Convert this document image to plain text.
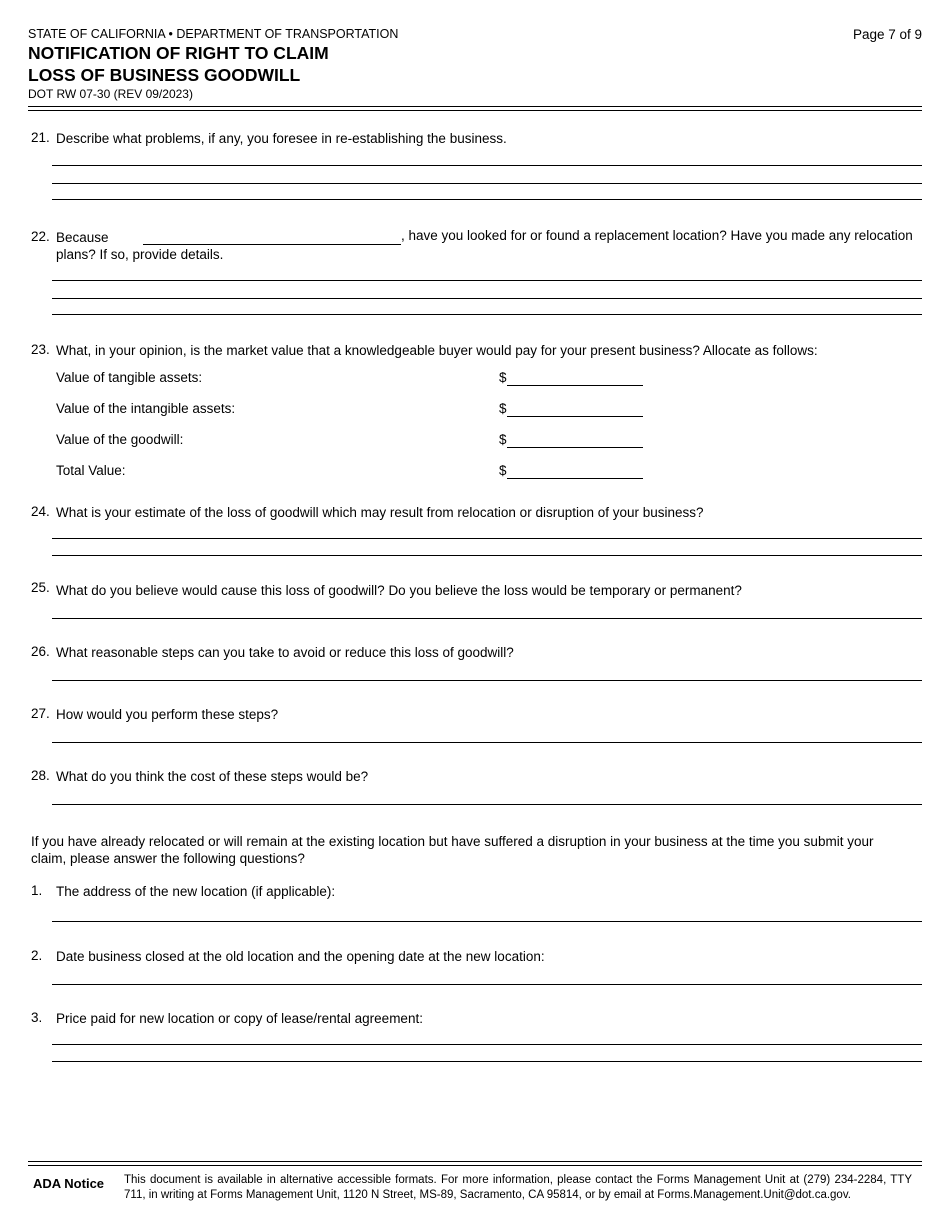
STATE OF CALIFORNIA • DEPARTMENT OF TRANSPORTATION
NOTIFICATION OF RIGHT TO CLAIM
LOSS OF BUSINESS GOODWILL
DOT RW 07-30 (REV 09/2023)
Page 7 of 9
21. Describe what problems, if any, you foresee in re-establishing the business.
22. Because	, have you looked for or found a replacement location? Have you made any relocation
plans? If so, provide details.
23. What, in your opinion, is the market value that a knowledgeable buyer would pay for your present business? Allocate as follows:
Value of tangible assets:	$
Value of the intangible assets:	$
Value of the goodwill:	$
Total Value:	$
24. What is your estimate of the loss of goodwill which may result from relocation or disruption of your business?
25. What do you believe would cause this loss of goodwill? Do you believe the loss would be temporary or permanent?
26. What reasonable steps can you take to avoid or reduce this loss of goodwill?
27. How would you perform these steps?
28. What do you think the cost of these steps would be?
If you have already relocated or will remain at the existing location but have suffered a disruption in your business at the time you submit your
claim, please answer the following questions?
1. The address of the new location (if applicable):
2. Date business closed at the old location and the opening date at the new location:
3. Price paid for new location or copy of lease/rental agreement:
ADA Notice This document is available in alternative accessible formats. For more information, please contact the Forms Management Unit at (279) 234-2284, TTY 711, in writing at Forms Management Unit, 1120 N Street, MS-89, Sacramento, CA 95814, or by email at Forms.Management.Unit@dot.ca.gov.
